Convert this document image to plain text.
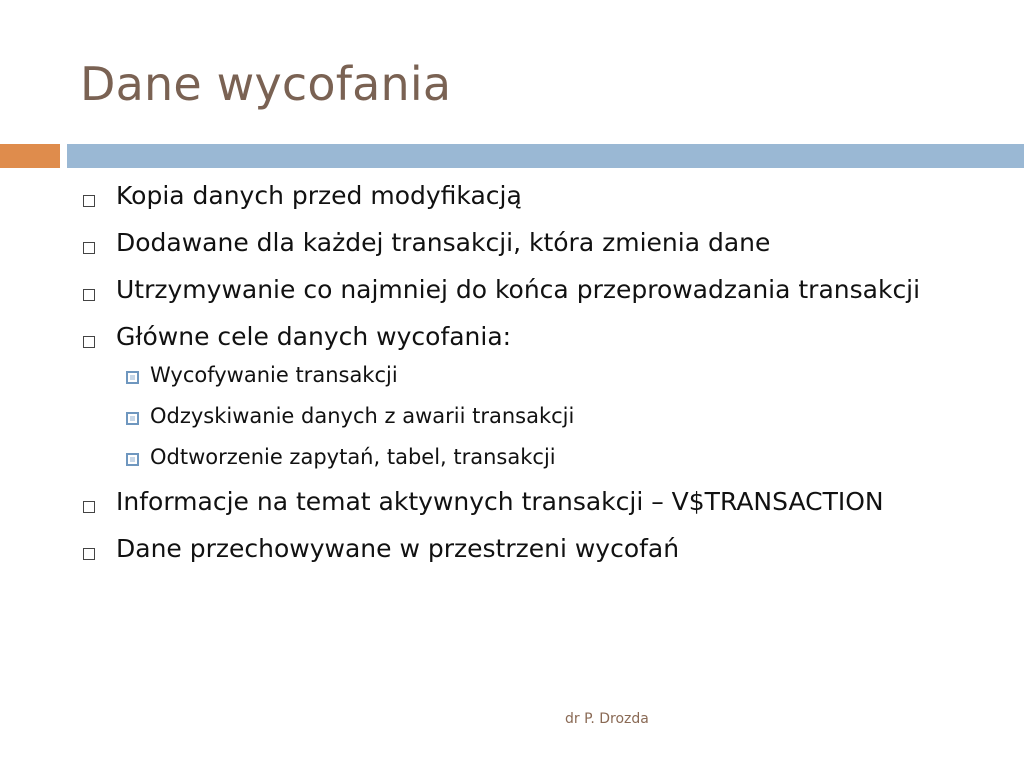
Dane wycofania
Kopia danych przed modyfikacją
Dodawane dla każdej transakcji, która zmienia dane
Utrzymywanie co najmniej do końca przeprowadzania transakcji
Główne cele danych wycofania:
Wycofywanie transakcji
Odzyskiwanie danych z awarii transakcji
Odtworzenie zapytań, tabel, transakcji
Informacje na temat aktywnych transakcji – V$TRANSACTION
Dane przechowywane w przestrzeni wycofań
dr P. Drozda
